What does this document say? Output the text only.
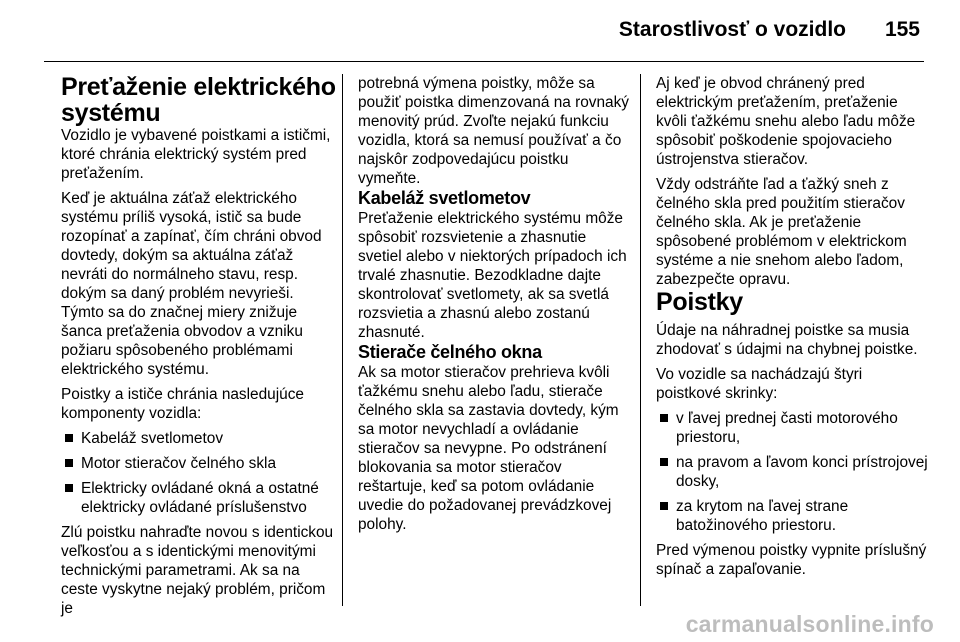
Starostlivosť o vozidlo 155
Preťaženie elektrického systému

Vozidlo je vybavené poistkami a ističmi, ktoré chránia elektrický systém pred preťažením.

Keď je aktuálna záťaž elektrického systému príliš vysoká, istič sa bude rozopínať a zapínať, čím chráni obvod dovtedy, dokým sa aktuálna záťaž nevráti do normálneho stavu, resp. dokým sa daný problém nevyrieši. Týmto sa do značnej miery znižuje šanca preťaženia obvodov a vzniku požiaru spôsobeného problémami elektrického systému.

Poistky a ističe chránia nasledujúce komponenty vozidla:

Kabeláž svetlometov
Motor stieračov čelného skla
Elektricky ovládané okná a ostatné elektricky ovládané príslušenstvo

Zlú poistku nahraďte novou s identickou veľkosťou a s identickými menovitými technickými parametrami. Ak sa na ceste vyskytne nejaký problém, pričom je

potrebná výmena poistky, môže sa použiť poistka dimenzovaná na rovnaký menovitý prúd. Zvoľte nejakú funkciu vozidla, ktorá sa nemusí používať a čo najskôr zodpovedajúcu poistku vymeňte.

Kabeláž svetlometov

Preťaženie elektrického systému môže spôsobiť rozsvietenie a zhasnutie svetiel alebo v niektorých prípadoch ich trvalé zhasnutie. Bezodkladne dajte skontrolovať svetlomety, ak sa svetlá rozsvietia a zhasnú alebo zostanú zhasnuté.

Stierače čelného okna

Ak sa motor stieračov prehrieva kvôli ťažkému snehu alebo ľadu, stierače čelného skla sa zastavia dovtedy, kým sa motor nevychladí a ovládanie stieračov sa nevypne. Po odstránení blokovania sa motor stieračov reštartuje, keď sa potom ovládanie uvedie do požadovanej prevádzkovej polohy.

Aj keď je obvod chránený pred elektrickým preťažením, preťaženie kvôli ťažkému snehu alebo ľadu môže spôsobiť poškodenie spojovacieho ústrojenstva stieračov.

Vždy odstráňte ľad a ťažký sneh z čelného skla pred použitím stieračov čelného skla. Ak je preťaženie spôsobené problémom v elektrickom systéme a nie snehom alebo ľadom, zabezpečte opravu.

Poistky

Údaje na náhradnej poistke sa musia zhodovať s údajmi na chybnej poistke.

Vo vozidle sa nachádzajú štyri poistkové skrinky:

v ľavej prednej časti motorového priestoru,
na pravom a ľavom konci prístrojovej dosky,
za krytom na ľavej strane batožinového priestoru.

Pred výmenou poistky vypnite príslušný spínač a zapaľovanie.

carmanualsonline.info
